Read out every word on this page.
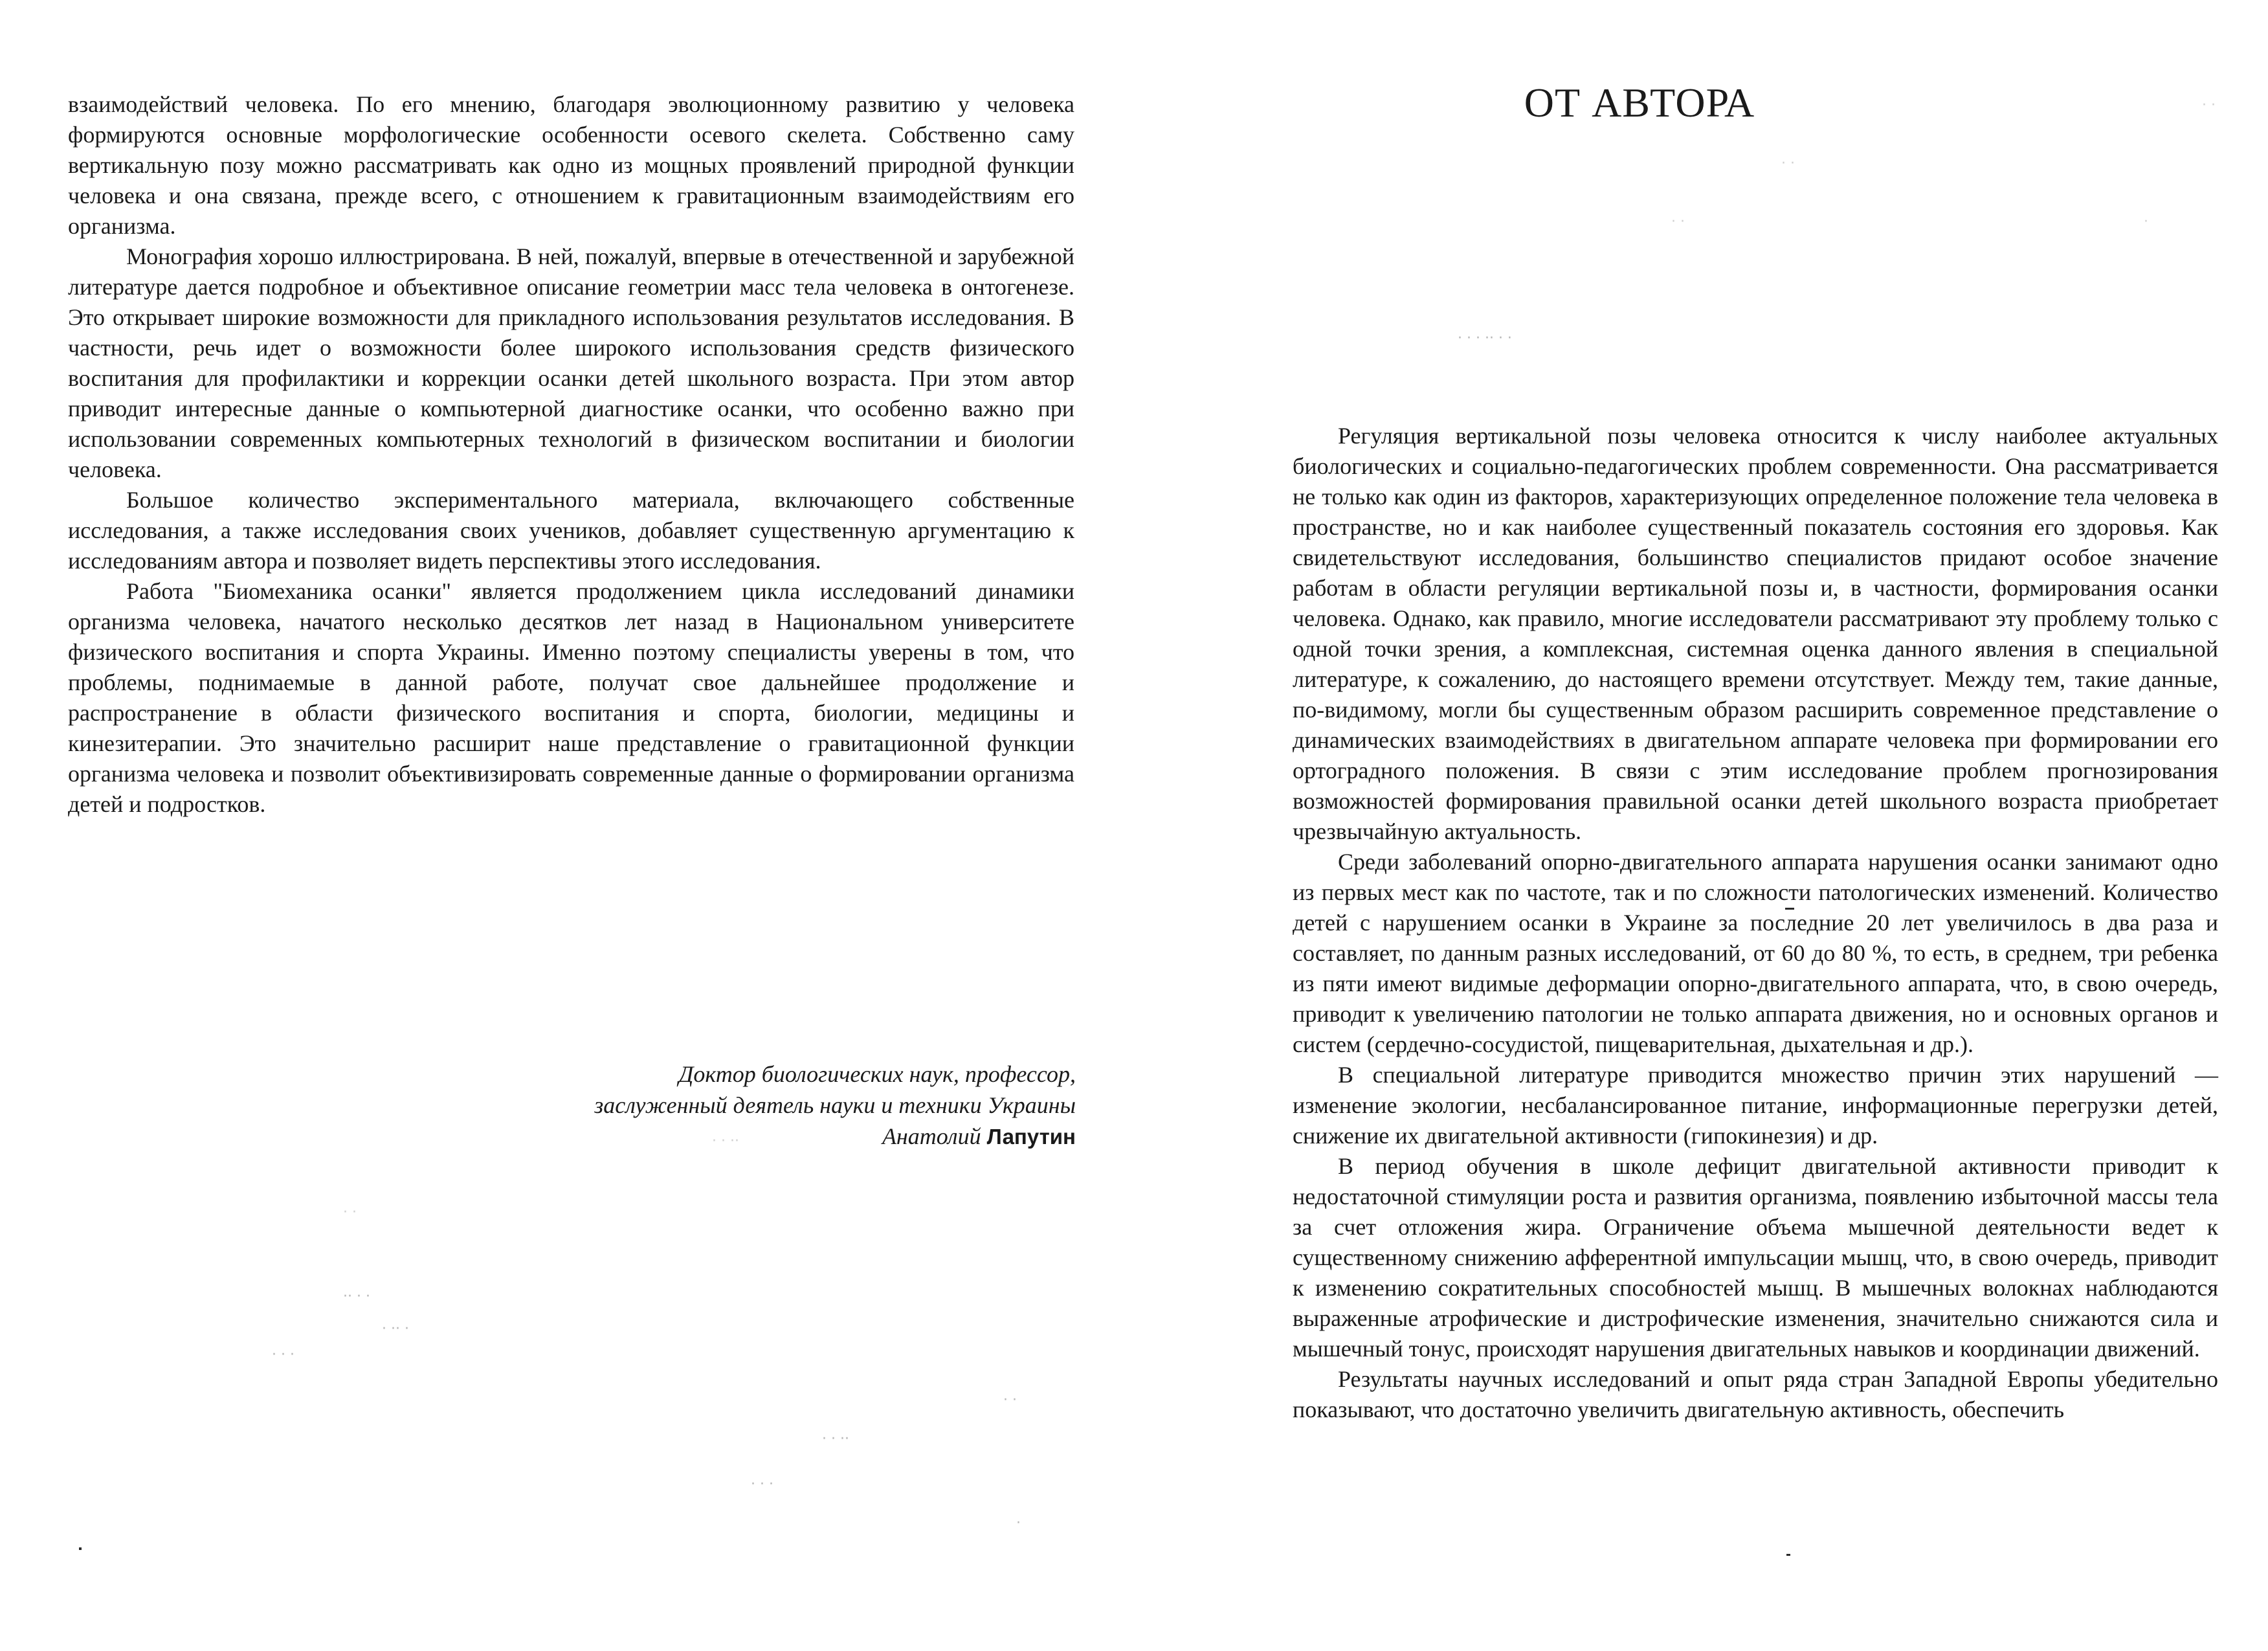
взаимодействий человека. По его мнению, благодаря эволюционному развитию у человека формируются основные морфологические особенности осевого скелета. Собственно саму вертикальную позу можно рассматривать как одно из мощных проявлений природной функции человека и она связана, прежде всего, с отношением к гравитационным взаимодействиям его организма.

Монография хорошо иллюстрирована. В ней, пожалуй, впервые в отечественной и зарубежной литературе дается подробное и объективное описание геометрии масс тела человека в онтогенезе. Это открывает широкие возможности для прикладного использования результатов исследования. В частности, речь идет о возможности более широкого использования средств физического воспитания для профилактики и коррекции осанки детей школьного возраста. При этом автор приводит интересные данные о компьютерной диагностике осанки, что особенно важно при использовании современных компьютерных технологий в физическом воспитании и биологии человека.

Большое количество экспериментального материала, включающего собственные исследования, а также исследования своих учеников, добавляет существенную аргументацию к исследованиям автора и позволяет видеть перспективы этого исследования.

Работа "Биомеханика осанки" является продолжением цикла исследований динамики организма человека, начатого несколько десятков лет назад в Национальном университете физического воспитания и спорта Украины. Именно поэтому специалисты уверены в том, что проблемы, поднимаемые в данной работе, получат свое дальнейшее продолжение и распространение в области физического воспитания и спорта, биологии, медицины и кинезитерапии. Это значительно расширит наше представление о гравитационной функции организма человека и позволит объективизировать современные данные о формировании организма детей и подростков.

Доктор биологических наук, профессор,
заслуженный деятель науки и техники Украины
Анатолий Лапутин
· · ··
· ·
·· · ·
· ·· ·
· · ·
· ·
· · ··
· · ·
·
ОТ АВТОРА

Регуляция вертикальной позы человека относится к числу наиболее актуальных биологических и социально-педагогических проблем современности. Она рассматривается не только как один из факторов, характеризующих определенное положение тела человека в пространстве, но и как наиболее существенный показатель состояния его здоровья. Как свидетельствуют исследования, большинство специалистов придают особое значение работам в области регуляции вертикальной позы и, в частности, формирования осанки человека. Однако, как правило, многие исследователи рассматривают эту проблему только с одной точки зрения, а комплексная, системная оценка данного явления в специальной литературе, к сожалению, до настоящего времени отсутствует. Между тем, такие данные, по-видимому, могли бы существенным образом расширить современное представление о динамических взаимодействиях в двигательном аппарате человека при формировании его ортоградного положения. В связи с этим исследование проблем прогнозирования возможностей формирования правильной осанки детей школьного возраста приобретает чрезвычайную актуальность.

Среди заболеваний опорно-двигательного аппарата нарушения осанки занимают одно из первых мест как по частоте, так и по сложности патологических изменений. Количество детей с нарушением осанки в Украине за последние 20 лет увеличилось в два раза и составляет, по данным разных исследований, от 60 до 80 %, то есть, в среднем, три ребенка из пяти имеют видимые деформации опорно-двигательного аппарата, что, в свою очередь, приводит к увеличению патологии не только аппарата движения, но и основных органов и систем (сердечно-сосудистой, пищеварительная, дыхательная и др.).

В специальной литературе приводится множество причин этих нарушений — изменение экологии, несбалансированное питание, информационные перегрузки детей, снижение их двигательной активности (гипокинезия) и др.

В период обучения в школе дефицит двигательной активности приводит к недостаточной стимуляции роста и развития организма, появлению избыточной массы тела за счет отложения жира. Ограничение объема мышечной деятельности ведет к существенному снижению афферентной импульсации мышц, что, в свою очередь, приводит к изменению сократительных способностей мышц. В мышечных волокнах наблюдаются выраженные атрофические и дистрофические изменения, значительно снижаются сила и мышечный тонус, происходят нарушения двигательных навыков и координации движений.

Результаты научных исследований и опыт ряда стран Западной Европы убедительно показывают, что достаточно увеличить двигательную активность, обеспечить

· ·
· ·
· ·	·
· · · ·· · ·
